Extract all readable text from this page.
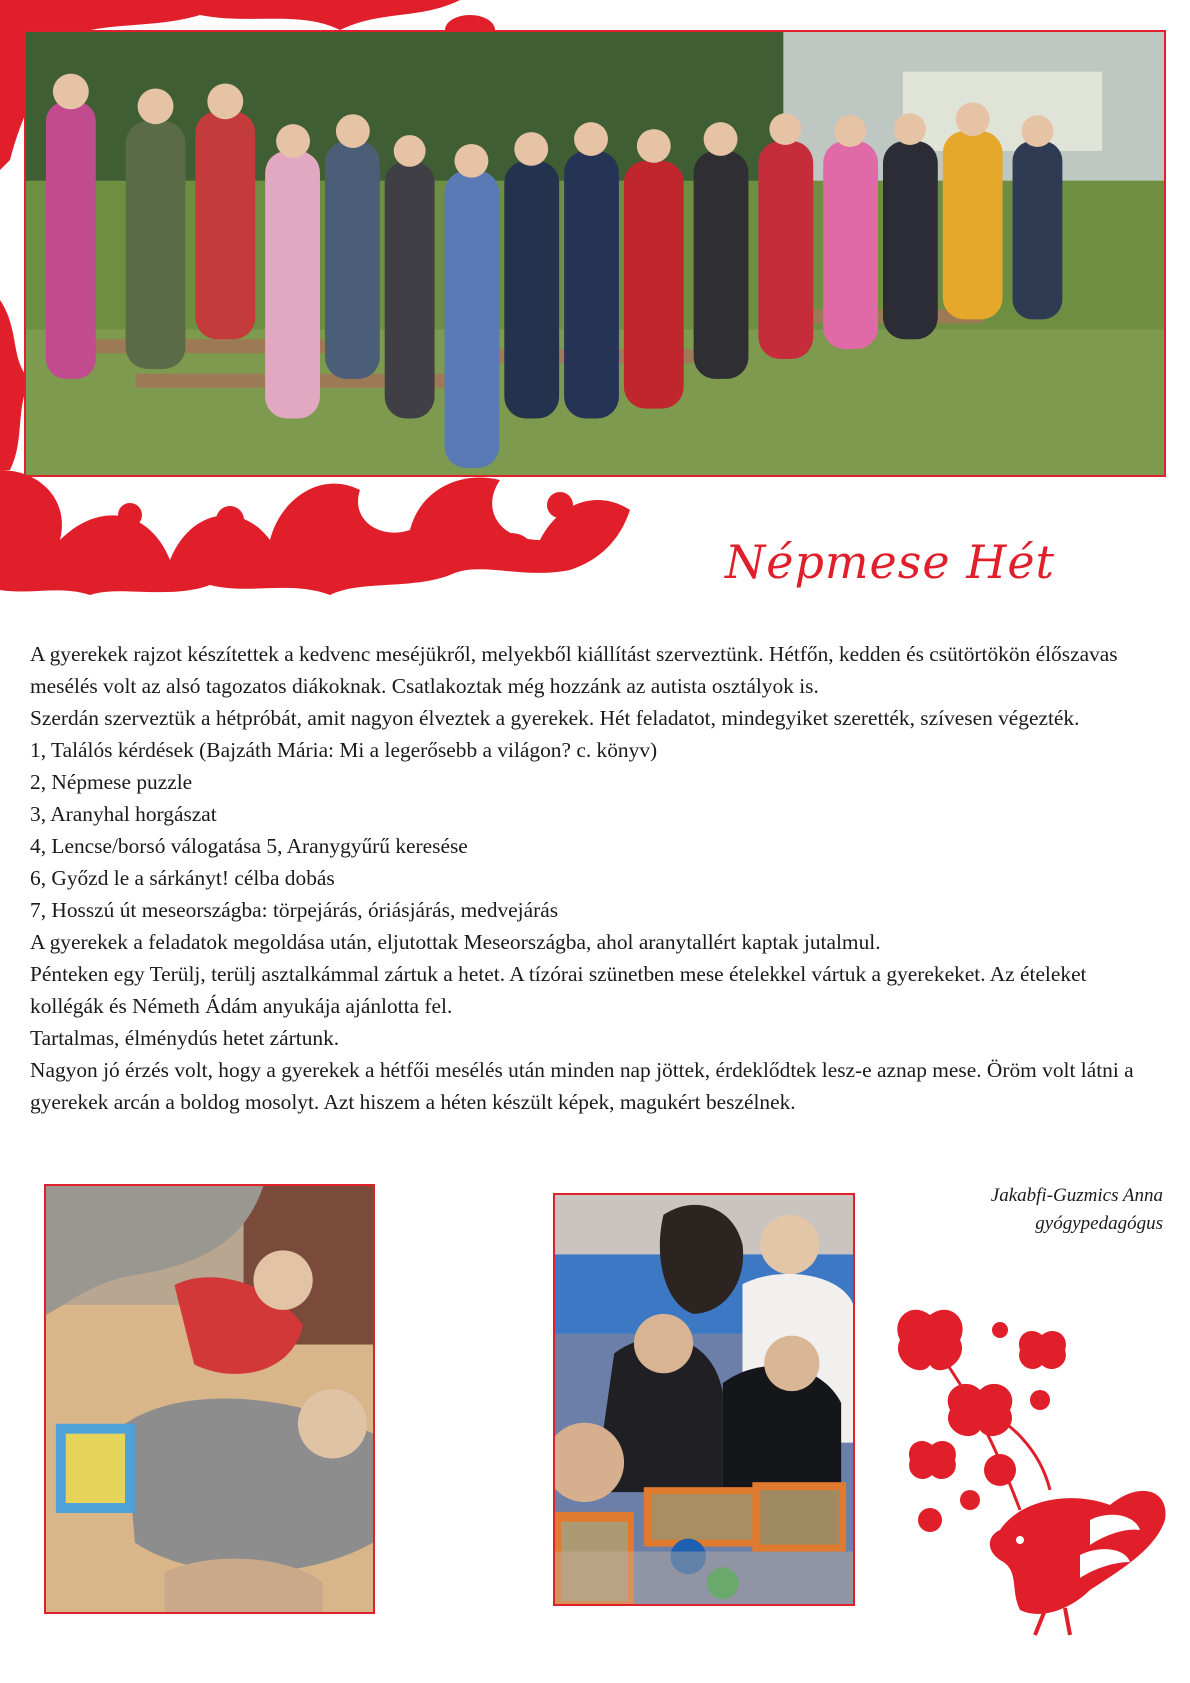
Népmese Hét

A gyerekek rajzot készítettek a kedvenc meséjükről, melyekből kiállítást szerveztünk. Hétfőn, kedden és csütörtökön élőszavas mesélés volt az alsó tagozatos diákoknak. Csatlakoztak még hozzánk az autista osztályok is.

Szerdán szerveztük a hétpróbát, amit nagyon élveztek a gyerekek. Hét feladatot, mindegyiket szerették, szívesen végezték.

1, Találós kérdések (Bajzáth Mária: Mi a legerősebb a világon? c. könyv)

2, Népmese puzzle

3, Aranyhal horgászat

4, Lencse/borsó válogatása 5, Aranygyűrű keresése

6, Győzd le a sárkányt! célba dobás

7, Hosszú út meseországba: törpejárás, óriásjárás, medvejárás

A gyerekek a feladatok megoldása után, eljutottak Meseországba, ahol aranytallért kaptak jutalmul.

Pénteken egy Terülj, terülj asztalkámmal zártuk a hetet. A tízórai szünetben mese ételekkel vártuk a gyerekeket. Az ételeket kollégák és Németh Ádám anyukája ajánlotta fel.

Tartalmas, élménydús hetet zártunk.

Nagyon jó érzés volt, hogy a gyerekek a hétfői mesélés után minden nap jöttek, érdeklődtek lesz-e aznap mese. Öröm volt látni a gyerekek arcán a boldog mosolyt. Azt hiszem a héten készült képek, magukért beszélnek.

Jakabfi-Guzmics Anna
gyógypedagógus
